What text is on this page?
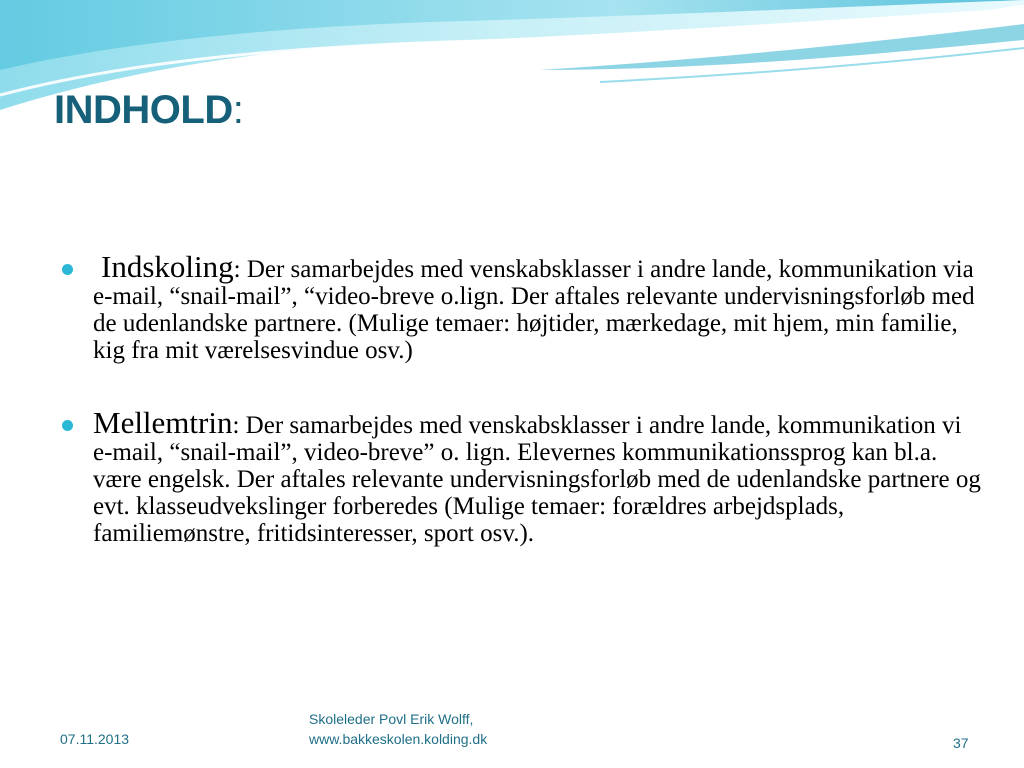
INDHOLD:
Indskoling: Der samarbejdes med venskabsklasser i andre lande, kommunikation via e-mail, “snail-mail”, “video-breve o.lign. Der aftales relevante undervisningsforløb med de udenlandske partnere. (Mulige temaer: højtider, mærkedage, mit hjem, min familie, kig fra mit værelsesvindue osv.)
Mellemtrin: Der samarbejdes med venskabsklasser i andre lande, kommunikation vi e-mail, “snail-mail”, video-breve” o. lign. Elevernes kommunikationssprog kan bl.a. være engelsk. Der aftales relevante undervisningsforløb med de udenlandske partnere og evt. klasseudvekslinger forberedes (Mulige temaer: forældres arbejdsplads, familiemønstre, fritidsinteresser, sport osv.).
07.11.2013
Skoleleder Povl Erik Wolff,
www.bakkeskolen.kolding.dk	37
